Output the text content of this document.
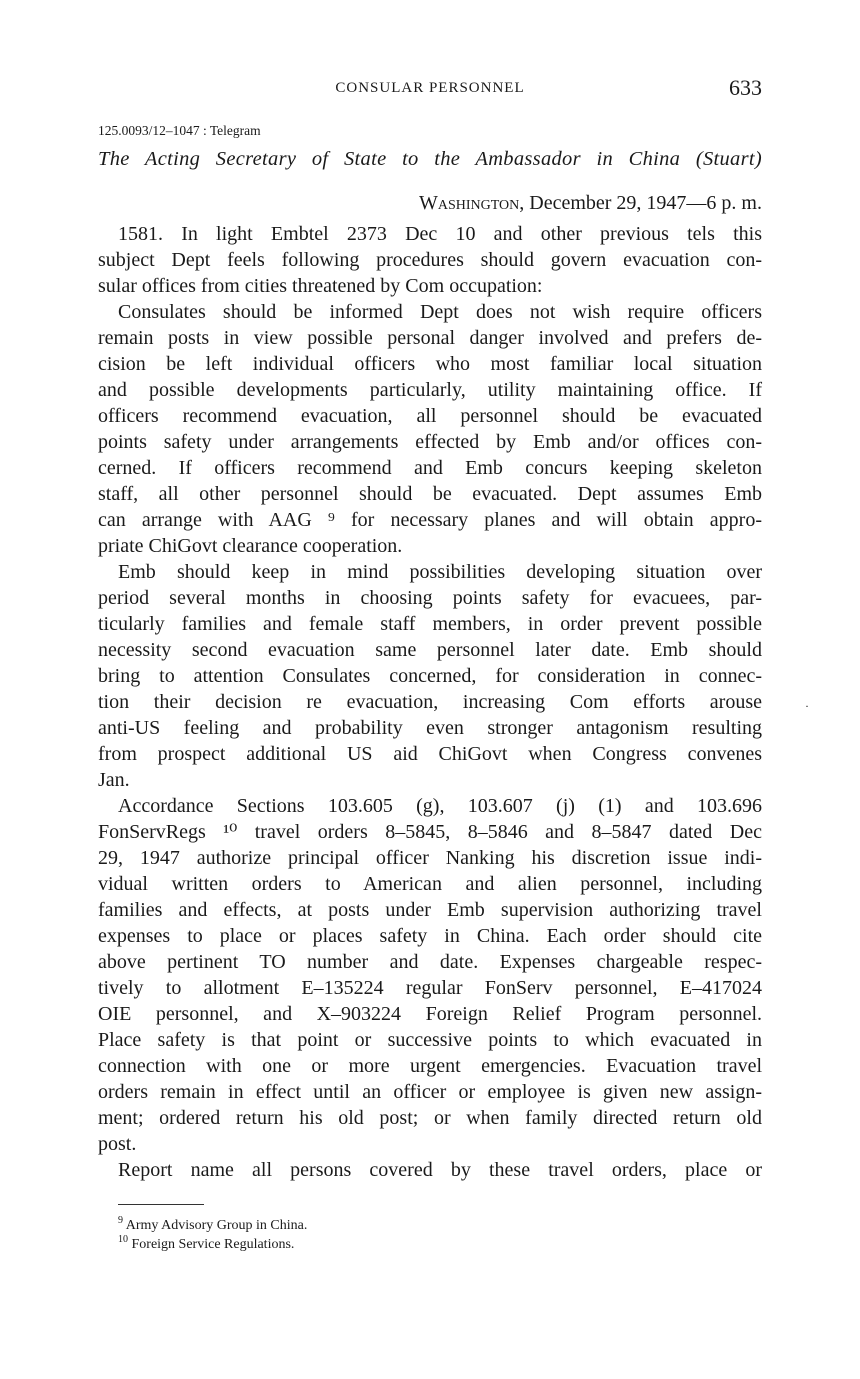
CONSULAR PERSONNEL	633
125.0093/12–1047 : Telegram
The Acting Secretary of State to the Ambassador in China (Stuart)
Washington, December 29, 1947—6 p. m.
1581. In light Embtel 2373 Dec 10 and other previous tels this
subject Dept feels following procedures should govern evacuation con-
sular offices from cities threatened by Com occupation:
Consulates should be informed Dept does not wish require officers
remain posts in view possible personal danger involved and prefers de-
cision be left individual officers who most familiar local situation
and possible developments particularly, utility maintaining office. If
officers recommend evacuation, all personnel should be evacuated
points safety under arrangements effected by Emb and/or offices con-
cerned. If officers recommend and Emb concurs keeping skeleton
staff, all other personnel should be evacuated. Dept assumes Emb
can arrange with AAG ⁹ for necessary planes and will obtain appro-
priate ChiGovt clearance cooperation.
Emb should keep in mind possibilities developing situation over
period several months in choosing points safety for evacuees, par-
ticularly families and female staff members, in order prevent possible
necessity second evacuation same personnel later date. Emb should
bring to attention Consulates concerned, for consideration in connec-
tion their decision re evacuation, increasing Com efforts arouse
anti-US feeling and probability even stronger antagonism resulting
from prospect additional US aid ChiGovt when Congress convenes
Jan.
Accordance Sections 103.605 (g), 103.607 (j) (1) and 103.696
FonServRegs ¹⁰ travel orders 8–5845, 8–5846 and 8–5847 dated Dec
29, 1947 authorize principal officer Nanking his discretion issue indi-
vidual written orders to American and alien personnel, including
families and effects, at posts under Emb supervision authorizing travel
expenses to place or places safety in China. Each order should cite
above pertinent TO number and date. Expenses chargeable respec-
tively to allotment E–135224 regular FonServ personnel, E–417024
OIE personnel, and X–903224 Foreign Relief Program personnel.
Place safety is that point or successive points to which evacuated in
connection with one or more urgent emergencies. Evacuation travel
orders remain in effect until an officer or employee is given new assign-
ment; ordered return his old post; or when family directed return old
post.
Report name all persons covered by these travel orders, place or
·
$^9$ Army Advisory Group in China.
$^{10}$ Foreign Service Regulations.
